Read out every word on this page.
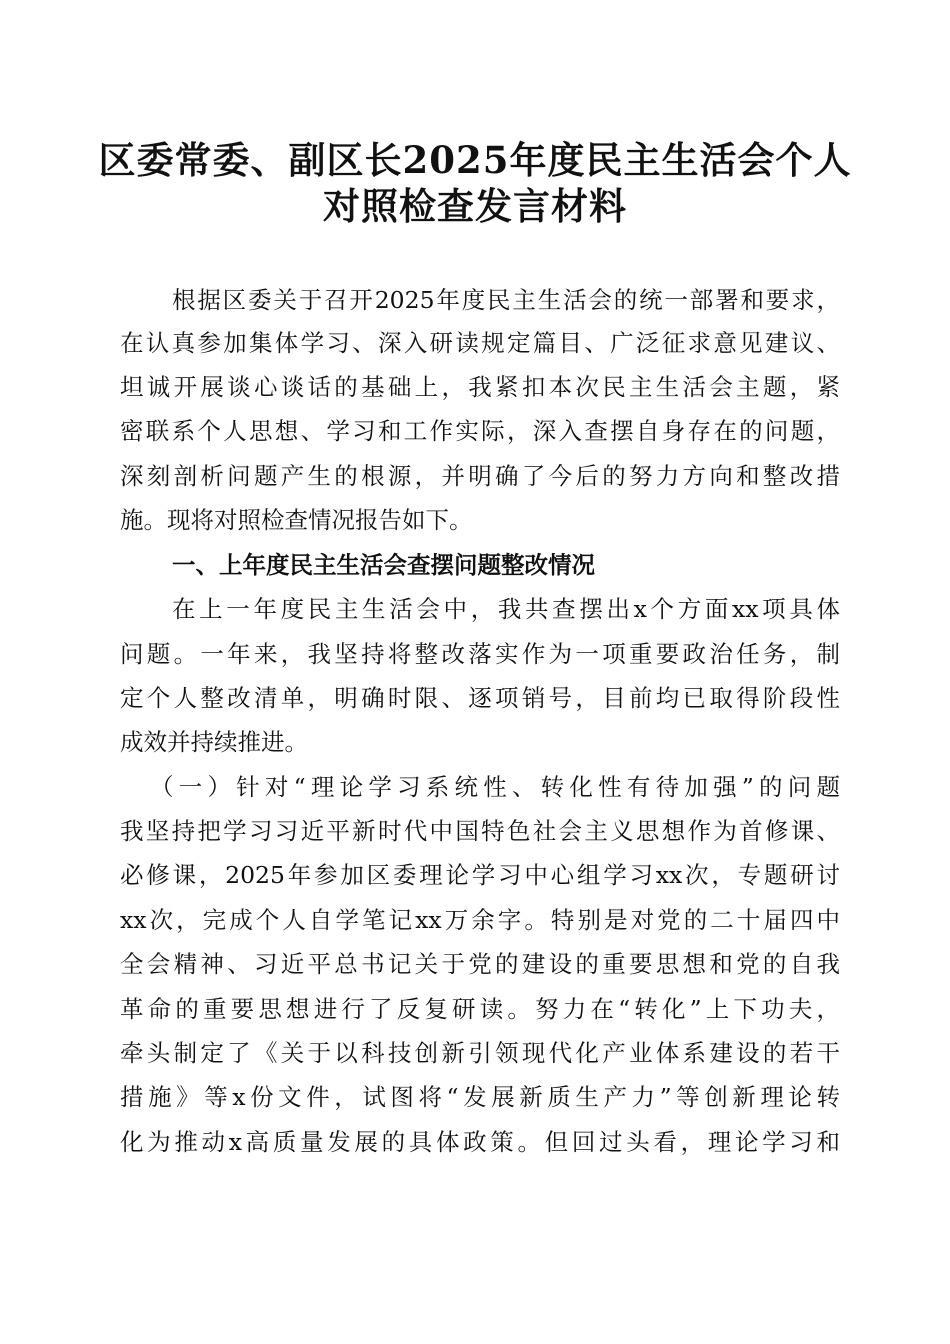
区委常委、副区长2025年度民主生活会个人
对照检查发言材料
根据区委关于召开2025年度民主生活会的统一部署和要求，
在认真参加集体学习、深入研读规定篇目、广泛征求意见建议、
坦诚开展谈心谈话的基础上，我紧扣本次民主生活会主题，紧
密联系个人思想、学习和工作实际，深入查摆自身存在的问题，
深刻剖析问题产生的根源，并明确了今后的努力方向和整改措
施。现将对照检查情况报告如下。
一、上年度民主生活会查摆问题整改情况
在上一年度民主生活会中，我共查摆出x个方面xx项具体
问题。一年来，我坚持将整改落实作为一项重要政治任务，制
定个人整改清单，明确时限、逐项销号，目前均已取得阶段性
成效并持续推进。
（一）针对“理论学习系统性、转化性有待加强”的问题
我坚持把学习习近平新时代中国特色社会主义思想作为首修课、
必修课，2025年参加区委理论学习中心组学习xx次，专题研讨
xx次，完成个人自学笔记xx万余字。特别是对党的二十届四中
全会精神、习近平总书记关于党的建设的重要思想和党的自我
革命的重要思想进行了反复研读。努力在“转化”上下功夫，
牵头制定了《关于以科技创新引领现代化产业体系建设的若干
措施》等x份文件，试图将“发展新质生产力”等创新理论转
化为推动x高质量发展的具体政策。但回过头看，理论学习和
